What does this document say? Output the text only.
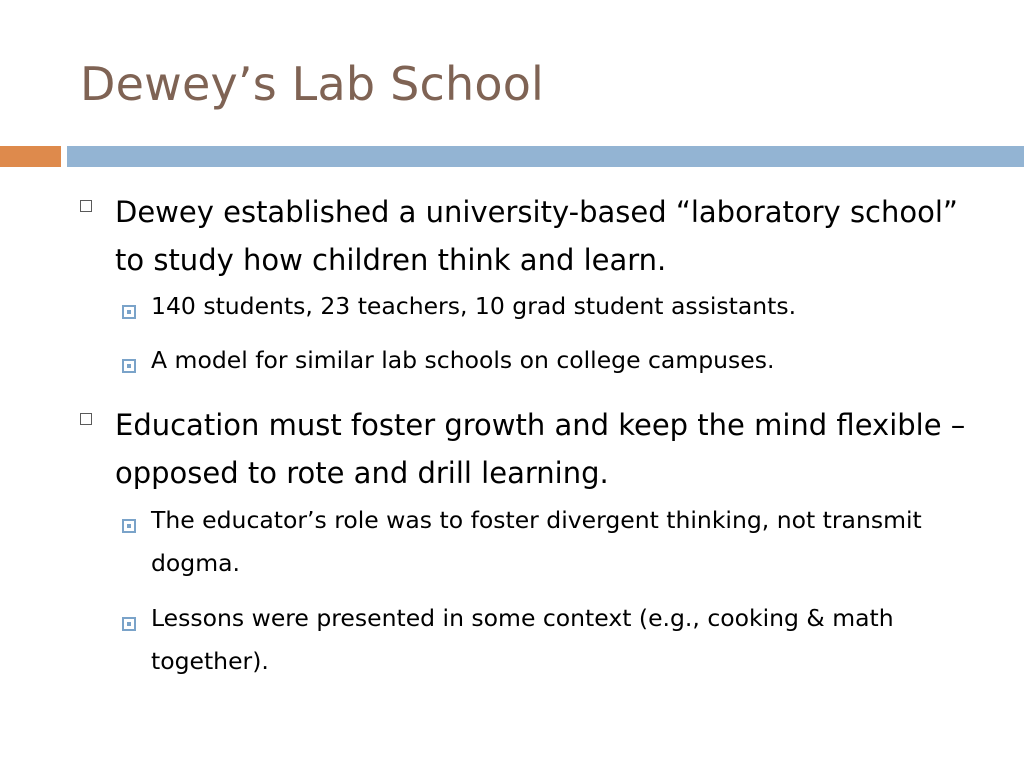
Dewey’s Lab School
Dewey established a university-based “laboratory school” to study how children think and learn.
140 students, 23 teachers, 10 grad student assistants.
A model for similar lab schools on college campuses.
Education must foster growth and keep the mind flexible – opposed to rote and drill learning.
The educator’s role was to foster divergent thinking, not transmit dogma.
Lessons were presented in some context (e.g., cooking & math together).
